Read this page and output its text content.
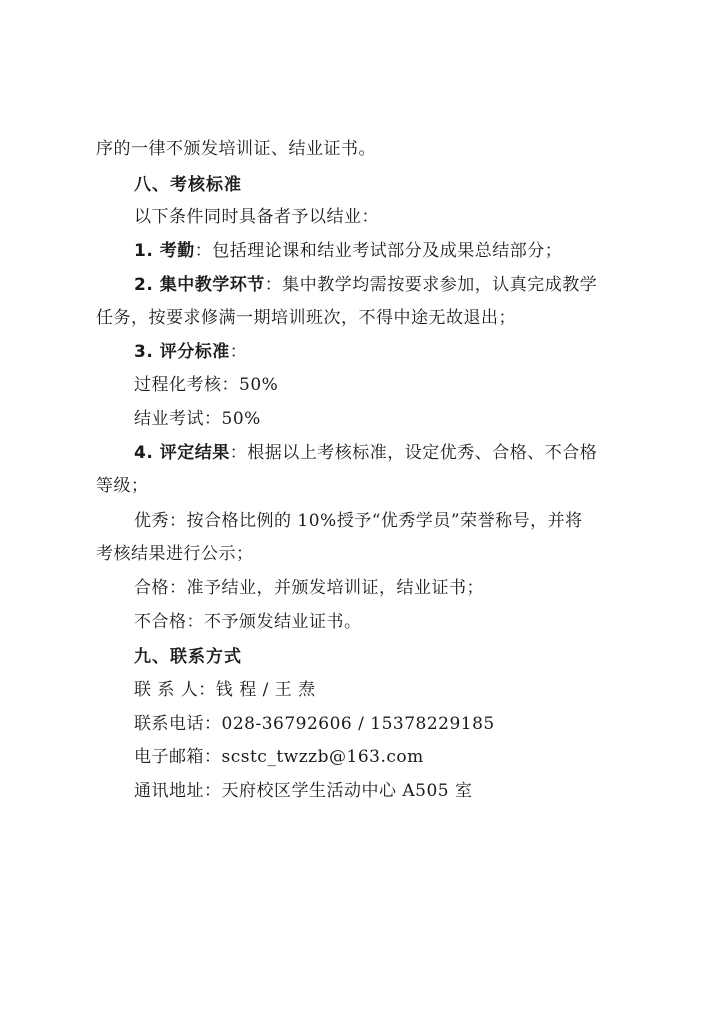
序的一律不颁发培训证、结业证书。
八、考核标准
以下条件同时具备者予以结业：
1. 考勤：包括理论课和结业考试部分及成果总结部分；
2. 集中教学环节：集中教学均需按要求参加，认真完成教学
任务，按要求修满一期培训班次，不得中途无故退出；
3. 评分标准：
过程化考核：50%
结业考试：50%
4. 评定结果：根据以上考核标准，设定优秀、合格、不合格
等级；
优秀：按合格比例的 10%授予“优秀学员”荣誉称号，并将
考核结果进行公示；
合格：准予结业，并颁发培训证，结业证书；
不合格：不予颁发结业证书。
九、联系方式
联 系 人：钱 程 / 王 焘
联系电话：028-36792606 / 15378229185
电子邮箱：scstc_twzzb@163.com
通讯地址：天府校区学生活动中心 A505 室
